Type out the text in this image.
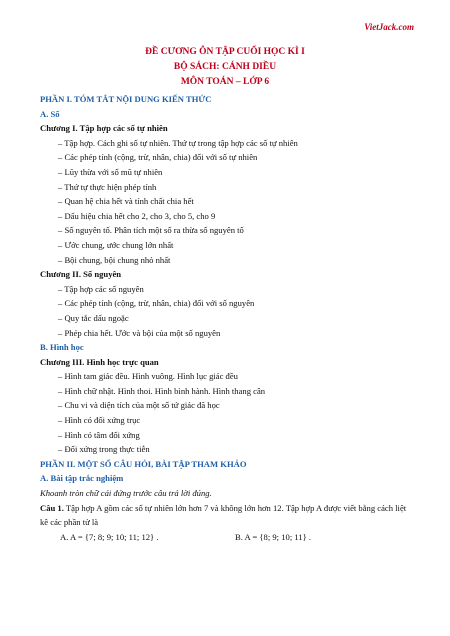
VietJack.com
ĐỀ CƯƠNG ÔN TẬP CUỐI HỌC KÌ I
BỘ SÁCH: CÁNH DIỀU
MÔN TOÁN – LỚP 6
PHẦN I. TÓM TẮT NỘI DUNG KIẾN THỨC
A. Số
Chương I. Tập hợp các số tự nhiên
– Tập hợp. Cách ghi số tự nhiên. Thứ tự trong tập hợp các số tự nhiên
– Các phép tính (cộng, trừ, nhân, chia) đối với số tự nhiên
– Lũy thừa với số mũ tự nhiên
– Thứ tự thực hiện phép tính
– Quan hệ chia hết và tính chất chia hết
– Dấu hiệu chia hết cho 2, cho 3, cho 5, cho 9
– Số nguyên tố. Phân tích một số ra thừa số nguyên tố
– Ước chung, ước chung lớn nhất
– Bội chung, bội chung nhỏ nhất
Chương II. Số nguyên
– Tập hợp các số nguyên
– Các phép tính (cộng, trừ, nhân, chia) đối với số nguyên
– Quy tắc dấu ngoặc
– Phép chia hết. Ước và bội của một số nguyên
B. Hình học
Chương III. Hình học trực quan
– Hình tam giác đều. Hình vuông. Hình lục giác đều
– Hình chữ nhật. Hình thoi. Hình bình hành. Hình thang cân
– Chu vi và diện tích của một số tứ giác đã học
– Hình có đối xứng trục
– Hình có tâm đối xứng
– Đối xứng trong thực tiễn
PHẦN II. MỘT SỐ CÂU HỎI, BÀI TẬP THAM KHẢO
A. Bài tập trắc nghiệm
Khoanh tròn chữ cái đứng trước câu trả lời đúng.
Câu 1. Tập hợp A gồm các số tự nhiên lớn hơn 7 và không lớn hơn 12. Tập hợp A được viết bằng cách liệt kê các phần tử là
A. A = {7; 8; 9; 10; 11; 12} .	B. A = {8; 9; 10; 11} .
